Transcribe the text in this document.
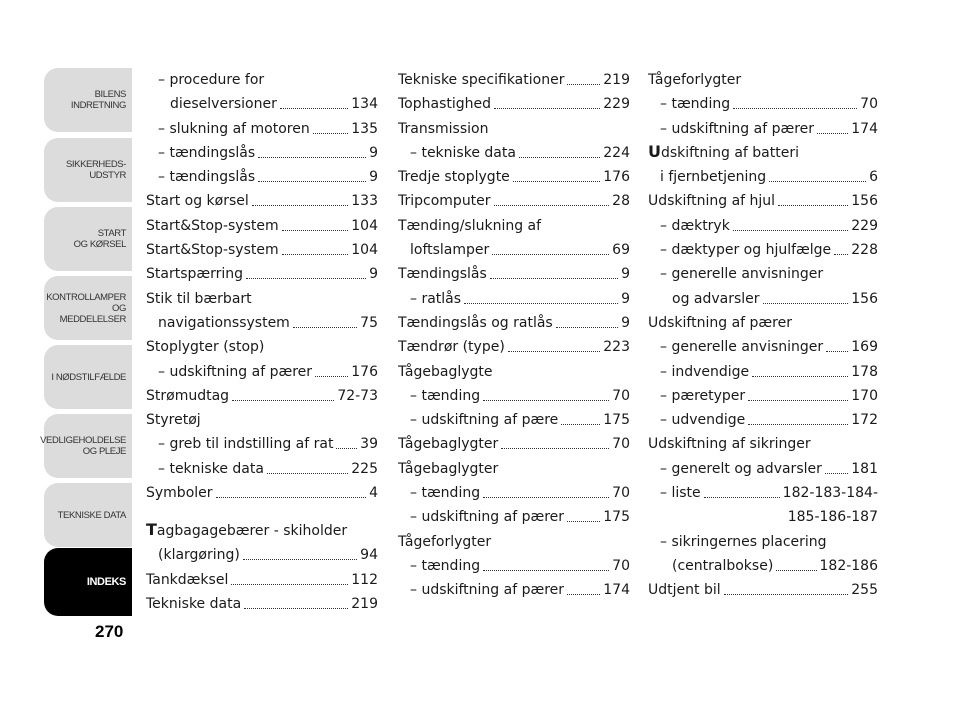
BILENS
INDRETNING
SIKKERHEDS-
UDSTYR
START
OG KØRSEL
KONTROLLAMPER
OG MEDDELELSER
I NØDSTILFÆLDE
VEDLIGEHOLDELSE
OG PLEJE
TEKNISKE DATA
INDEKS
270
– procedure for
dieselversioner	134
– slukning af motoren	135
– tændingslås	9
– tændingslås	9
Start og kørsel	133
Start&Stop-system	104
Start&Stop-system	104
Startspærring	9
Stik til bærbart
navigationssystem	75
Stoplygter (stop)
– udskiftning af pærer	176
Strømudtag	72-73
Styretøj
– greb til indstilling af rat 39
– tekniske data	225
Symboler	4
Tagbagagebærer - skiholder
(klargøring)	94
Tankdæksel	112
Tekniske data	219
Tekniske specifikationer	219
Tophastighed	229
Transmission
– tekniske data	224
Tredje stoplygte	176
Tripcomputer	28
Tænding/slukning af
loftslamper	69
Tændingslås	9
– ratlås	9
Tændingslås og ratlås	9
Tændrør (type)	223
Tågebaglygte
– tænding	70
– udskiftning af pære	175
Tågebaglygter	70
Tågebaglygter
– tænding	70
– udskiftning af pærer	175
Tågeforlygter
– tænding	70
– udskiftning af pærer	174
Tågeforlygter
– tænding	70
– udskiftning af pærer	174
Udskiftning af batteri
i fjernbetjening	6
Udskiftning af hjul	156
– dæktryk	229
– dæktyper og hjulfælge 228
– generelle anvisninger
og advarsler	156
Udskiftning af pærer
– generelle anvisninger 169
– indvendige	178
– pæretyper	170
– udvendige	172
Udskiftning af sikringer
– generelt og advarsler 181
– liste	182-183-184-
185-186-187
– sikringernes placering
(centralbokse)	182-186
Udtjent bil	255
